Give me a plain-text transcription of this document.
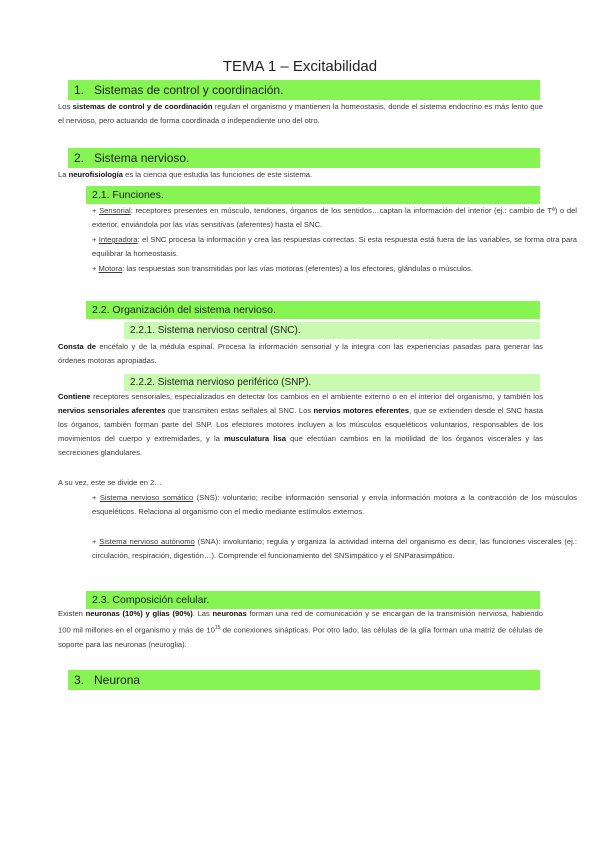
TEMA 1 – Excitabilidad
1. Sistemas de control y coordinación.

Los sistemas de control y de coordinación regulan el organismo y mantienen la homeostasis, donde el sistema endocrino es más lento que el nervioso, pero actuando de forma coordinada o independiente uno del otro.

2. Sistema nervioso.

La neurofisiología es la ciencia que estudia las funciones de este sistema.

2.1. Funciones.

+ Sensorial: receptores presentes en músculo, tendones, órganos de los sentidos…captan la información del interior (ej.: cambio de Tª) o del exterior, enviándola por las vías sensitivas (aferentes) hasta el SNC.

+ Integradora: el SNC procesa la información y crea las respuestas correctas. Si esta respuesta está fuera de las variables, se forma otra para equilibrar la homeostasis.

+ Motora: las respuestas son transmitidas por las vías motoras (eferentes) a los efectores, glándulas o músculos.

2.2. Organización del sistema nervioso.
2.2.1. Sistema nervioso central (SNC).

Consta de encéfalo y de la médula espinal. Procesa la información sensorial y la integra con las experiencias pasadas para generar las órdenes motoras apropiadas.

2.2.2. Sistema nervioso periférico (SNP).

Contiene receptores sensoriales, especializados en detectar los cambios en el ambiente externo o en el interior del organismo, y también los nervios sensoriales aferentes que transmiten estas señales al SNC. Los nervios motores eferentes, que se extienden desde el SNC hasta los órganos, también forman parte del SNP. Los efectores motores incluyen a los músculos esqueléticos voluntarios, responsables de los movimientos del cuerpo y extremidades, y la musculatura lisa que efectúan cambios en la motilidad de los órganos viscerales y las secreciones glandulares.

A su vez, este se divide en 2…

+ Sistema nervioso somático (SNS): voluntario; recibe información sensorial y envía información motora a la contracción de los músculos esqueléticos. Relaciona al organismo con el medio mediante estímulos externos.

+ Sistema nervioso autónomo (SNA): involuntario; regula y organiza la actividad interna del organismo es decir, las funciones viscerales (ej.: circulación, respiración, digestión…). Comprende el funcionamiento del SNSimpático y el SNParasimpático.

2.3. Composición celular.

Existen neuronas (10%) y glías (90%). Las neuronas forman una red de comunicación y se encargan de la transmisión nerviosa, habiendo 100 mil millones en el organismo y más de $10^{15}$ de conexiones sinápticas. Por otro lado, las células de la glía forman una matriz de células de soporte para las neuronas (neuroglia).

3. Neurona
